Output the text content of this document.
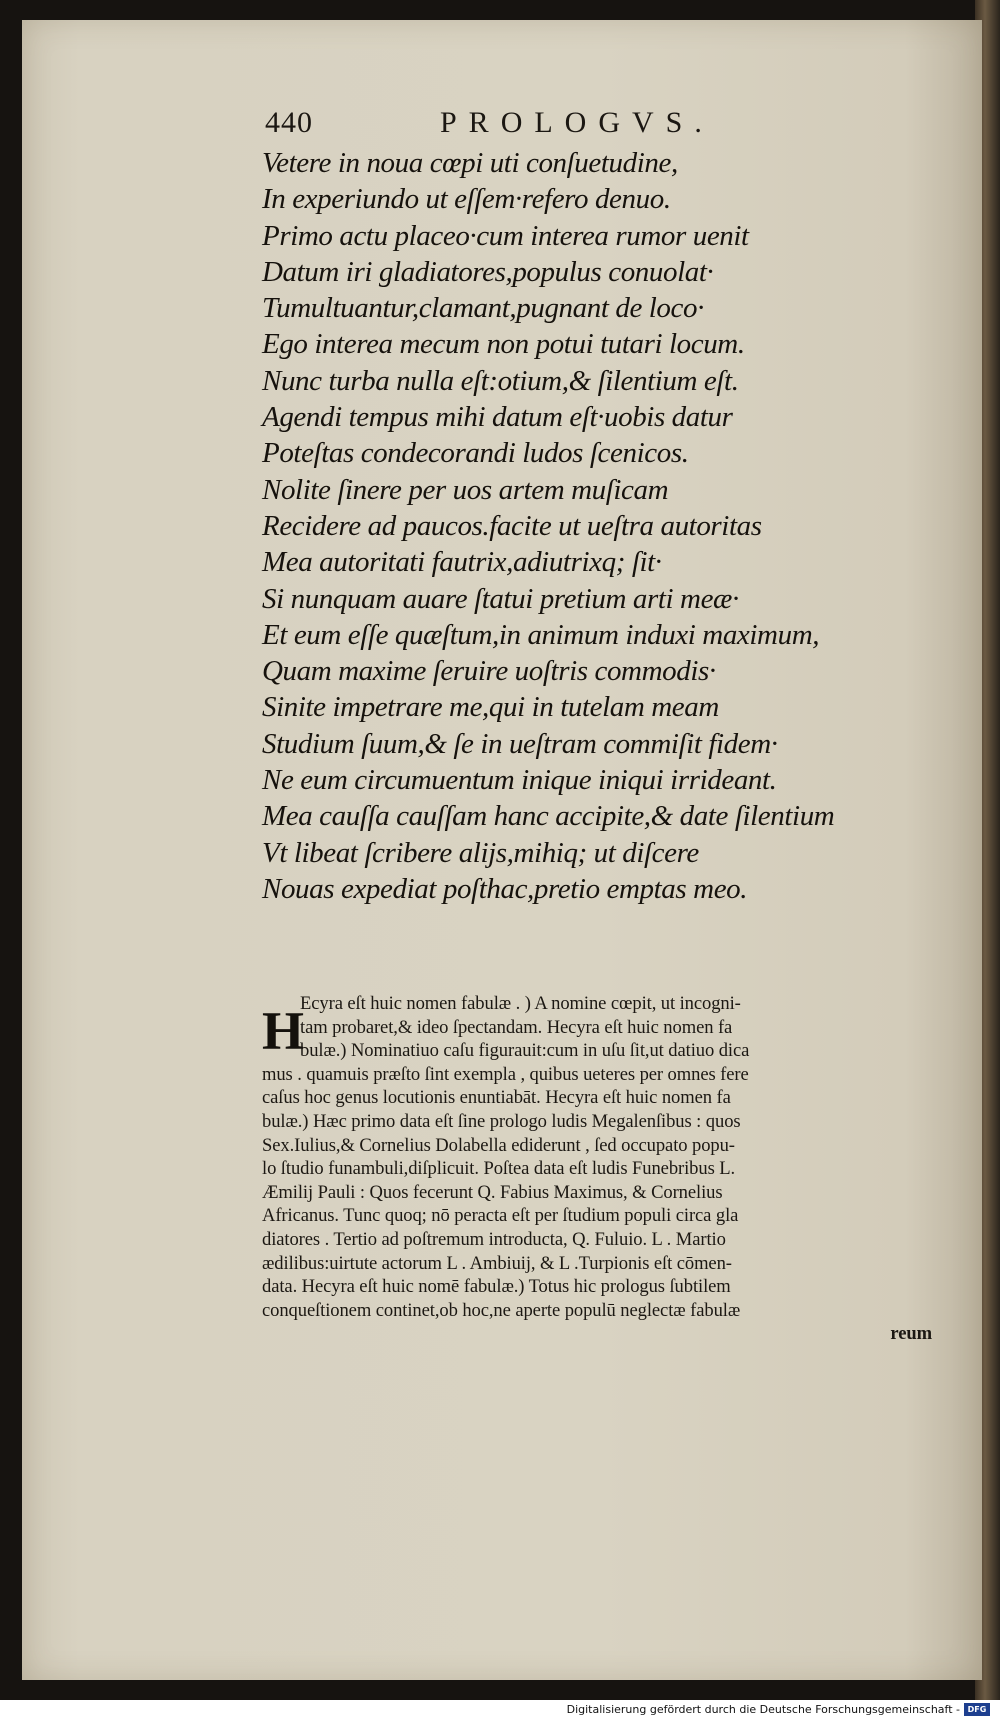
440	PROLOGVS.
Vetere in noua cœpi uti conſuetudine,
In experiundo ut eſſem·refero denuo.
Primo actu placeo·cum interea rumor uenit
Datum iri gladiatores,populus conuolat·
Tumultuantur,clamant,pugnant de loco·
Ego interea mecum non potui tutari locum.
Nunc turba nulla eſt:otium,& ſilentium eſt.
Agendi tempus mihi datum eſt·uobis datur
Poteſtas condecorandi ludos ſcenicos.
Nolite ſinere per uos artem muſicam
Recidere ad paucos.facite ut ueſtra autoritas
Mea autoritati fautrix,adiutrixq; ſit·
Si nunquam auare ſtatui pretium arti meæ·
Et eum eſſe quæſtum,in animum induxi maximum,
Quam maxime ſeruire uoſtris commodis·
Sinite impetrare me,qui in tutelam meam
Studium ſuum,& ſe in ueſtram commiſit fidem·
Ne eum circumuentum inique iniqui irrideant.
Mea cauſſa cauſſam hanc accipite,& date ſilentium
Vt libeat ſcribere alijs,mihiq; ut diſcere
Nouas expediat poſthac,pretio emptas meo.
H
Ecyra eſt huic nomen fabulæ . ) A nomine cœpit, ut incogni-
tam probaret,& ideo ſpectandam. Hecyra eſt huic nomen fa
bulæ.) Nominatiuo caſu figurauit:cum in uſu ſit,ut datiuo dica
mus . quamuis præſto ſint exempla , quibus ueteres per omnes fere
caſus hoc genus locutionis enuntiabāt. Hecyra eſt huic nomen fa
bulæ.) Hæc primo data eſt ſine prologo ludis Megalenſibus : quos
Sex.Iulius,& Cornelius Dolabella ediderunt , ſed occupato popu-
lo ſtudio funambuli,diſplicuit. Poſtea data eſt ludis Funebribus L.
Æmilij Pauli : Quos fecerunt Q. Fabius Maximus, & Cornelius
Africanus. Tunc quoq; nō peracta eſt per ſtudium populi circa gla
diatores . Tertio ad poſtremum introducta, Q. Fuluio. L . Martio
ædilibus:uirtute actorum L . Ambiuij, & L .Turpionis eſt cōmen-
data. Hecyra eſt huic nomē fabulæ.) Totus hic prologus ſubtilem
conqueſtionem continet,ob hoc,ne aperte populū neglectæ fabulæ
reum
Digitalisierung gefördert durch die Deutsche Forschungsgemeinschaft - DFG
